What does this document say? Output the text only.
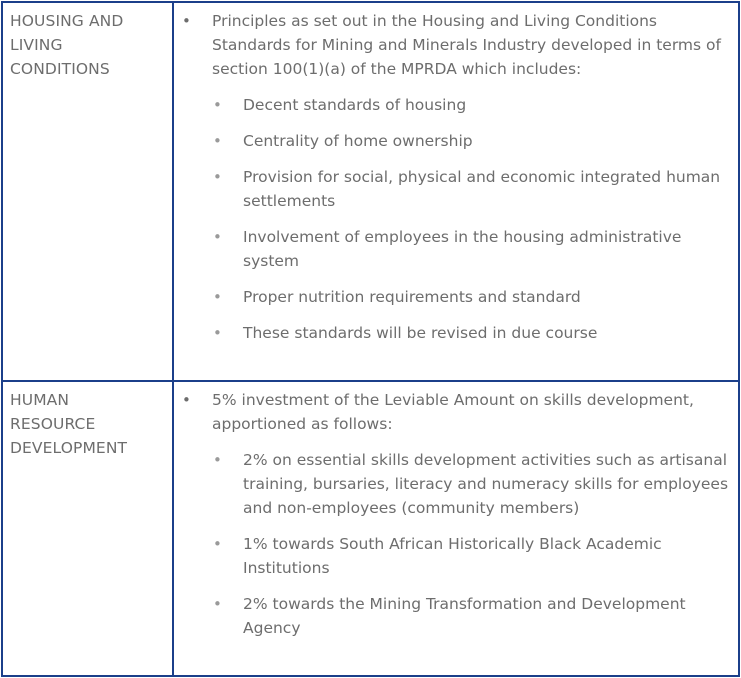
HOUSING AND
LIVING
CONDITIONS
• Principles as set out in the Housing and Living Conditions Standards for Mining and Minerals Industry developed in terms of section 100(1)(a) of the MPRDA which includes:
• Decent standards of housing
• Centrality of home ownership
• Provision for social, physical and economic integrated human settlements
• Involvement of employees in the housing administrative system
• Proper nutrition requirements and standard
• These standards will be revised in due course
HUMAN
RESOURCE
DEVELOPMENT
• 5% investment of the Leviable Amount on skills development, apportioned as follows:
• 2% on essential skills development activities such as artisanal training, bursaries, literacy and numeracy skills for employees and non-employees (community members)
• 1% towards South African Historically Black Academic Institutions
• 2% towards the Mining Transformation and Development Agency
